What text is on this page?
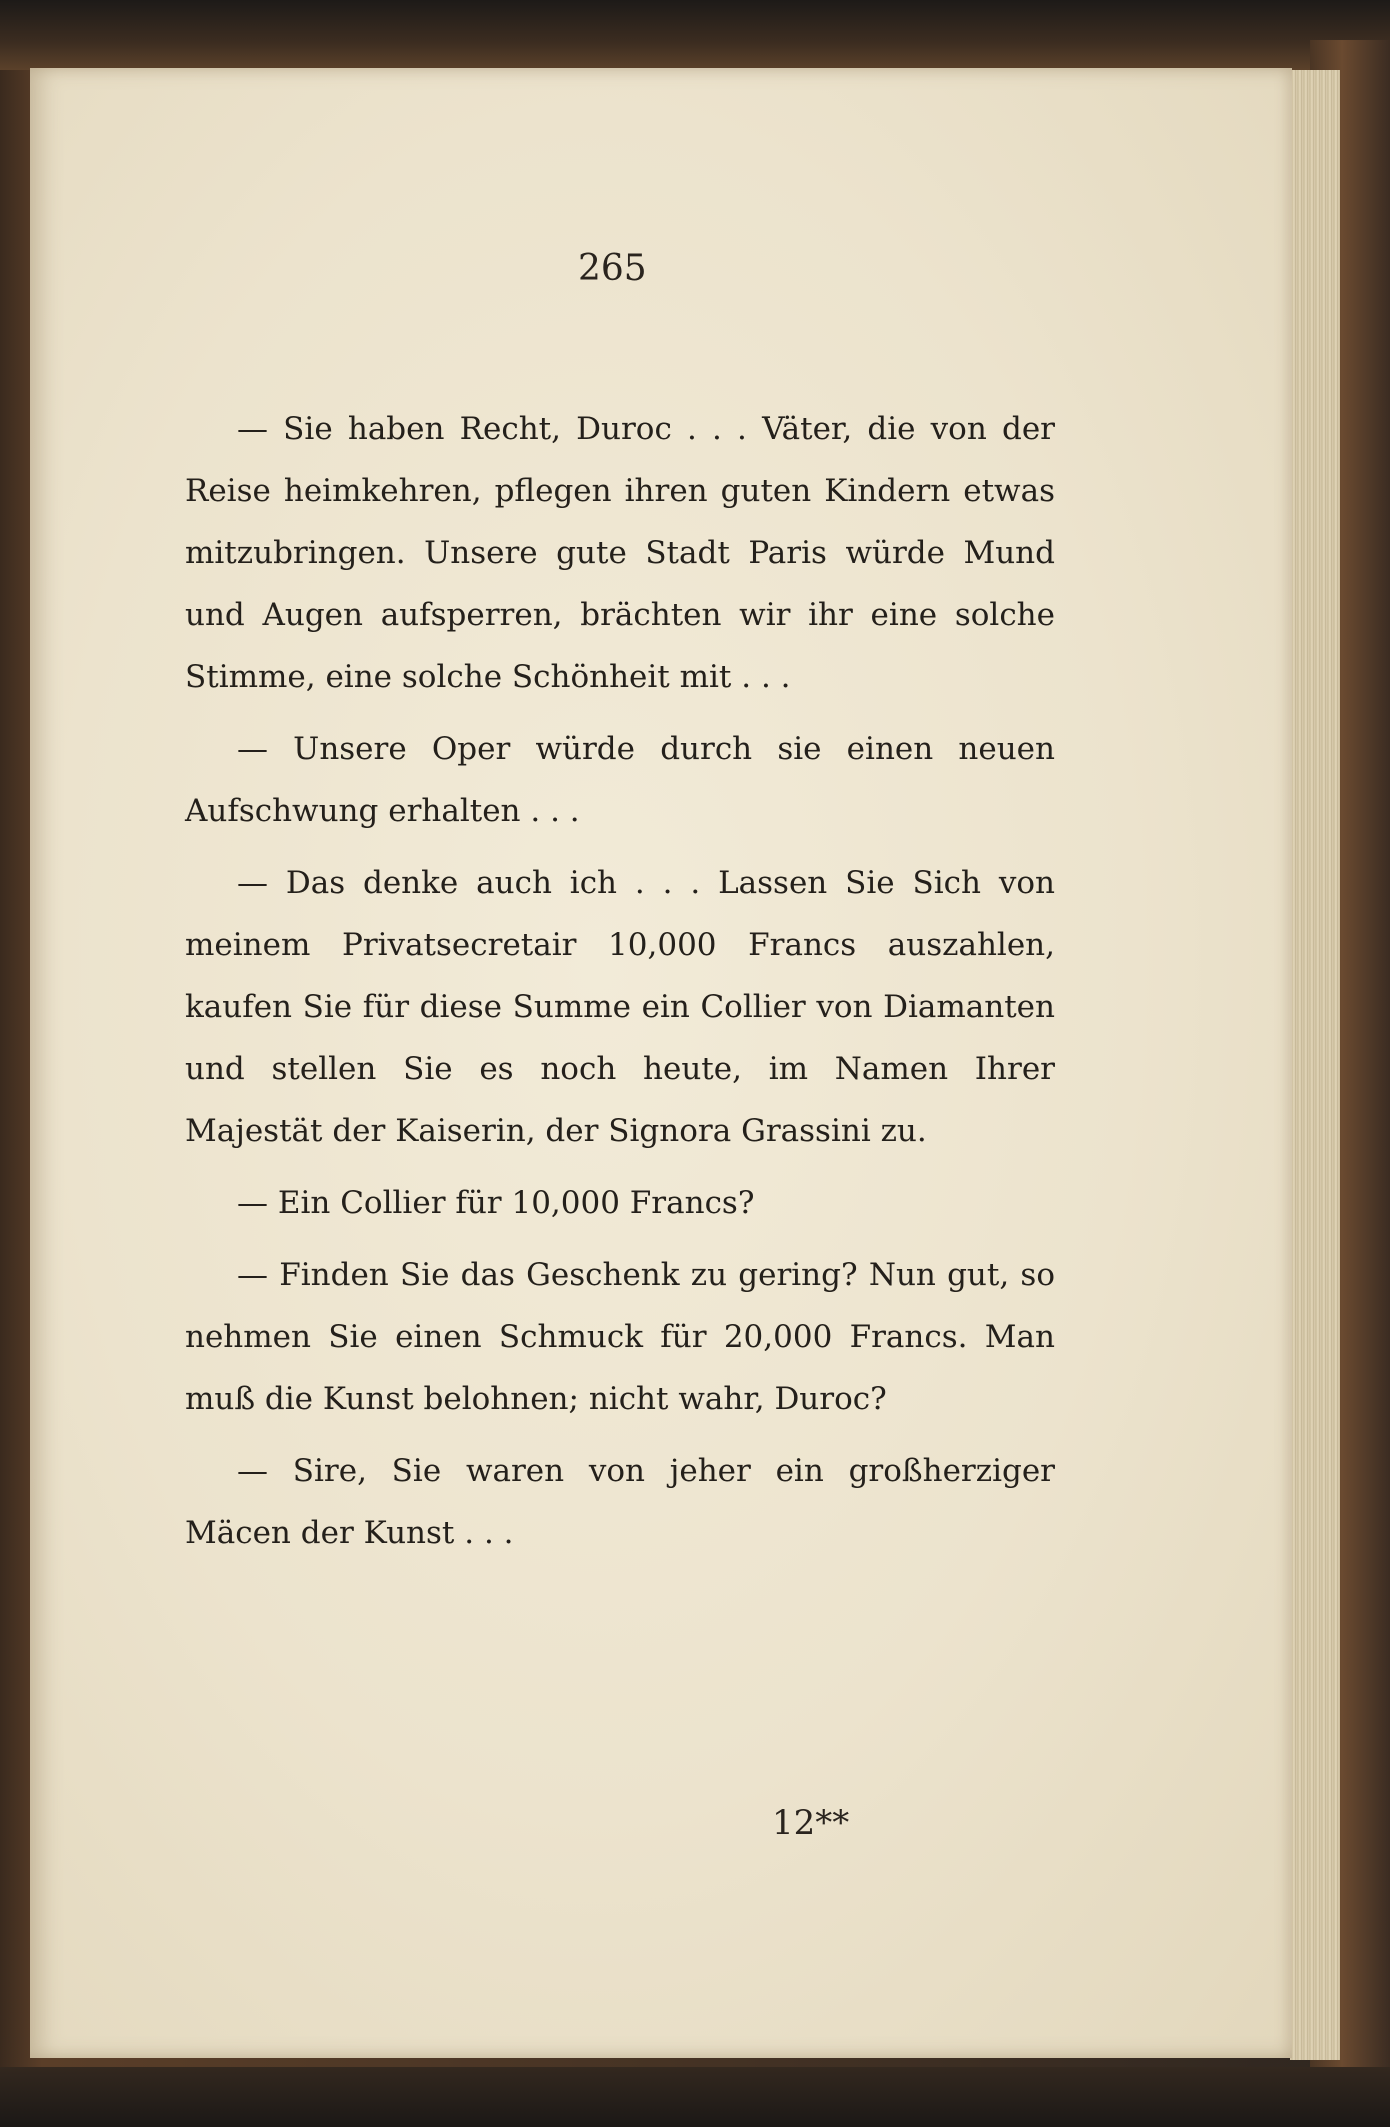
265

— Sie haben Recht, Duroc . . . Väter, die von der Reise heimkehren, pflegen ihren guten Kindern etwas mitzubringen. Unsere gute Stadt Paris würde Mund und Augen aufsperren, brächten wir ihr eine solche Stimme, eine solche Schönheit mit . . .

— Unsere Oper würde durch sie einen neuen Aufschwung erhalten . . .

— Das denke auch ich . . . Lassen Sie Sich von meinem Privatsecretair 10,000 Francs auszahlen, kaufen Sie für diese Summe ein Collier von Diamanten und stellen Sie es noch heute, im Namen Ihrer Majestät der Kaiserin, der Signora Grassini zu.

— Ein Collier für 10,000 Francs?

— Finden Sie das Geschenk zu gering? Nun gut, so nehmen Sie einen Schmuck für 20,000 Francs. Man muß die Kunst belohnen; nicht wahr, Duroc?

— Sire, Sie waren von jeher ein großherziger Mäcen der Kunst . . .

12**
